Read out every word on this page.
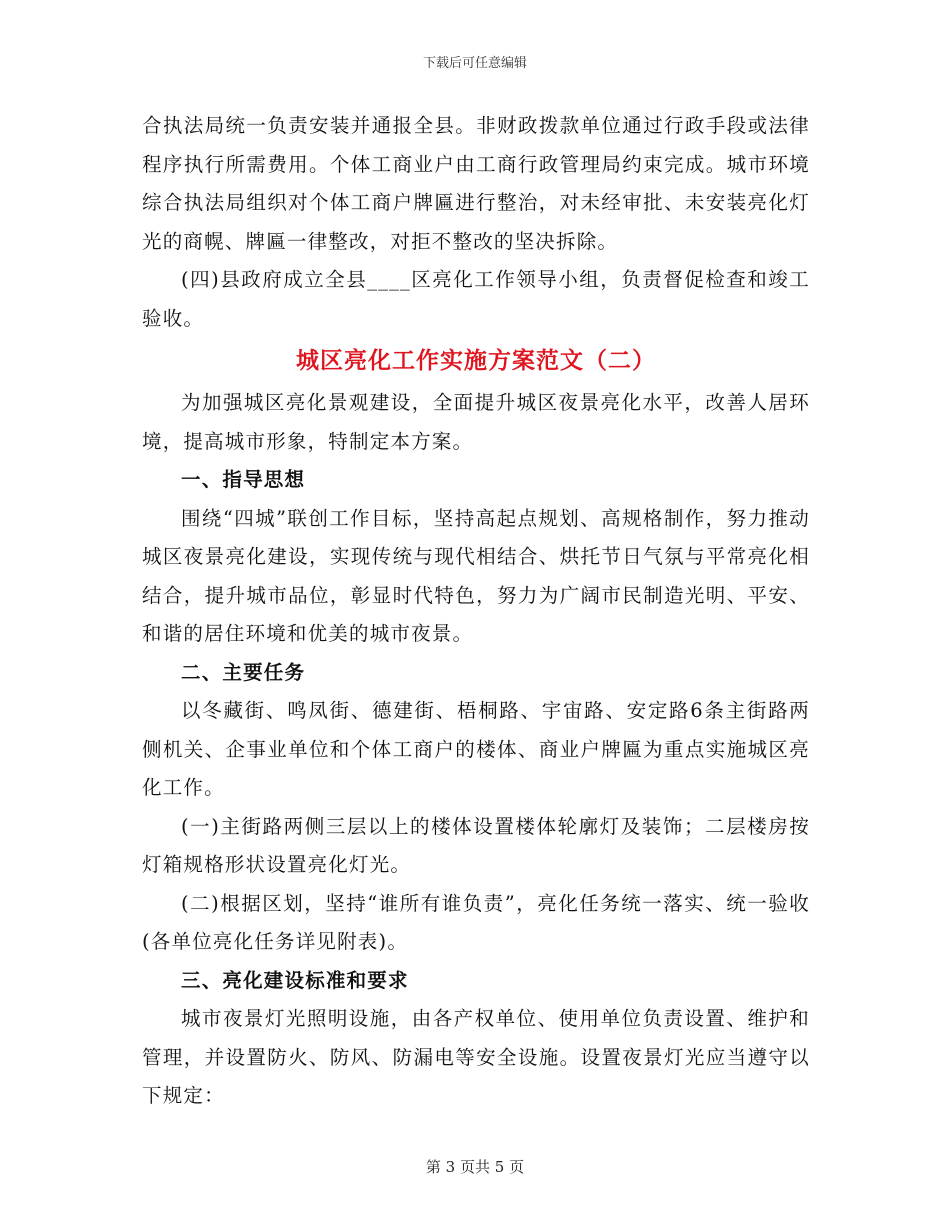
下载后可任意编辑

合执法局统一负责安装并通报全县。非财政拨款单位通过行政手段或法律程序执行所需费用。个体工商业户由工商行政管理局约束完成。城市环境综合执法局组织对个体工商户牌匾进行整治，对未经审批、未安装亮化灯光的商幌、牌匾一律整改，对拒不整改的坚决拆除。

(四)县政府成立全县____区亮化工作领导小组，负责督促检查和竣工验收。

城区亮化工作实施方案范文（二）

为加强城区亮化景观建设，全面提升城区夜景亮化水平，改善人居环境，提高城市形象，特制定本方案。

一、指导思想

围绕“四城”联创工作目标，坚持高起点规划、高规格制作，努力推动城区夜景亮化建设，实现传统与现代相结合、烘托节日气氛与平常亮化相结合，提升城市品位，彰显时代特色，努力为广阔市民制造光明、平安、和谐的居住环境和优美的城市夜景。

二、主要任务

以冬藏街、鸣凤街、德建街、梧桐路、宇宙路、安定路6条主街路两侧机关、企事业单位和个体工商户的楼体、商业户牌匾为重点实施城区亮化工作。

(一)主街路两侧三层以上的楼体设置楼体轮廓灯及装饰；二层楼房按灯箱规格形状设置亮化灯光。

(二)根据区划，坚持“谁所有谁负责”，亮化任务统一落实、统一验收(各单位亮化任务详见附表)。

三、亮化建设标准和要求

城市夜景灯光照明设施，由各产权单位、使用单位负责设置、维护和管理，并设置防火、防风、防漏电等安全设施。设置夜景灯光应当遵守以下规定：

第 3 页共 5 页
